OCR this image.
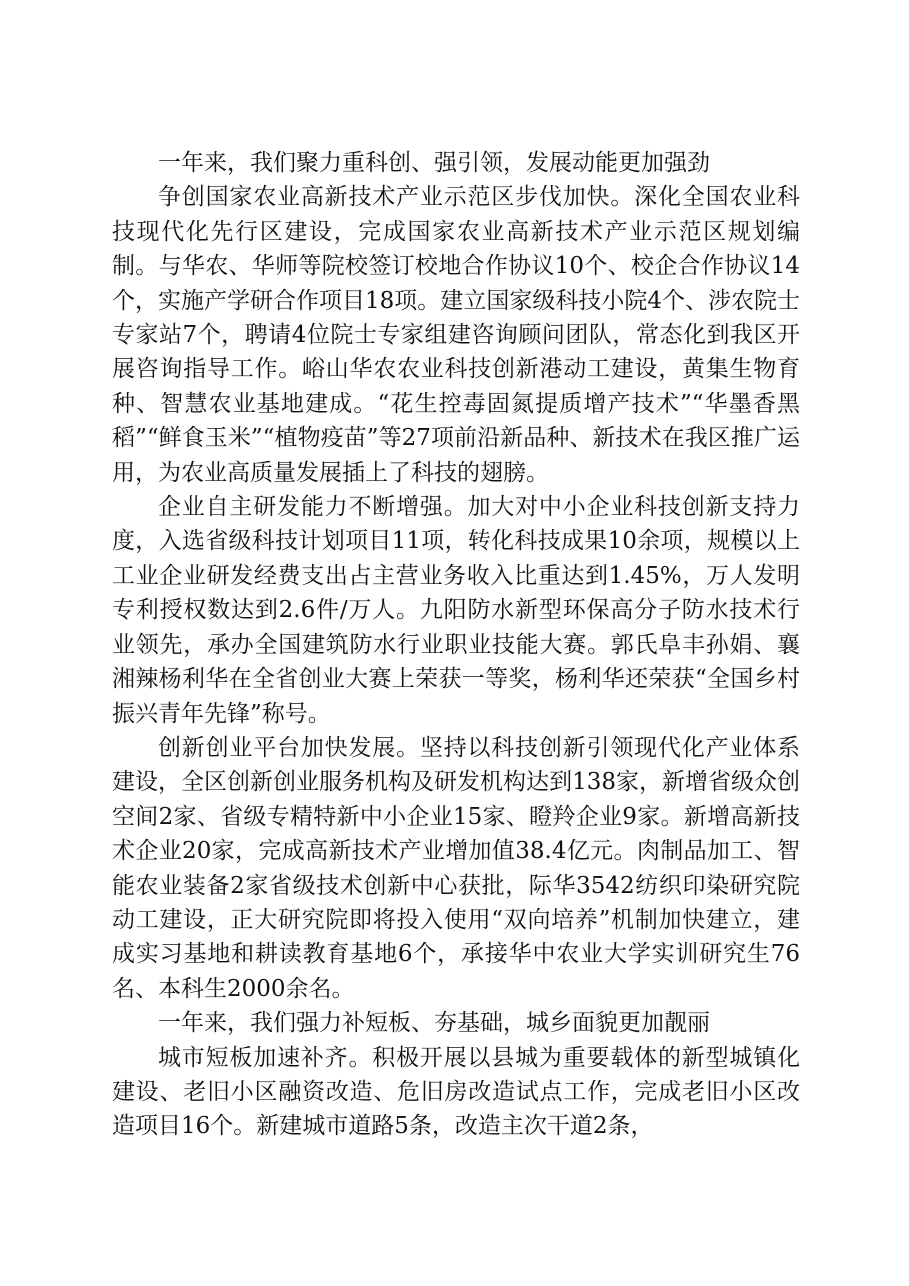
一年来，我们聚力重科创、强引领，发展动能更加强劲

争创国家农业高新技术产业示范区步伐加快。深化全国农业科技现代化先行区建设，完成国家农业高新技术产业示范区规划编制。与华农、华师等院校签订校地合作协议10个、校企合作协议14个，实施产学研合作项目18项。建立国家级科技小院4个、涉农院士专家站7个，聘请4位院士专家组建咨询顾问团队，常态化到我区开展咨询指导工作。峪山华农农业科技创新港动工建设，黄集生物育种、智慧农业基地建成。“花生控毒固氮提质增产技术”“华墨香黑稻”“鲜食玉米”“植物疫苗”等27项前沿新品种、新技术在我区推广运用，为农业高质量发展插上了科技的翅膀。

企业自主研发能力不断增强。加大对中小企业科技创新支持力度，入选省级科技计划项目11项，转化科技成果10余项，规模以上工业企业研发经费支出占主营业务收入比重达到1.45%，万人发明专利授权数达到2.6件/万人。九阳防水新型环保高分子防水技术行业领先，承办全国建筑防水行业职业技能大赛。郭氏阜丰孙娟、襄湘辣杨利华在全省创业大赛上荣获一等奖，杨利华还荣获“全国乡村振兴青年先锋”称号。

创新创业平台加快发展。坚持以科技创新引领现代化产业体系建设，全区创新创业服务机构及研发机构达到138家，新增省级众创空间2家、省级专精特新中小企业15家、瞪羚企业9家。新增高新技术企业20家，完成高新技术产业增加值38.4亿元。肉制品加工、智能农业装备2家省级技术创新中心获批，际华3542纺织印染研究院动工建设，正大研究院即将投入使用“双向培养”机制加快建立，建成实习基地和耕读教育基地6个，承接华中农业大学实训研究生76名、本科生2000余名。

一年来，我们强力补短板、夯基础，城乡面貌更加靓丽

城市短板加速补齐。积极开展以县城为重要载体的新型城镇化建设、老旧小区融资改造、危旧房改造试点工作，完成老旧小区改造项目16个。新建城市道路5条，改造主次干道2条，
